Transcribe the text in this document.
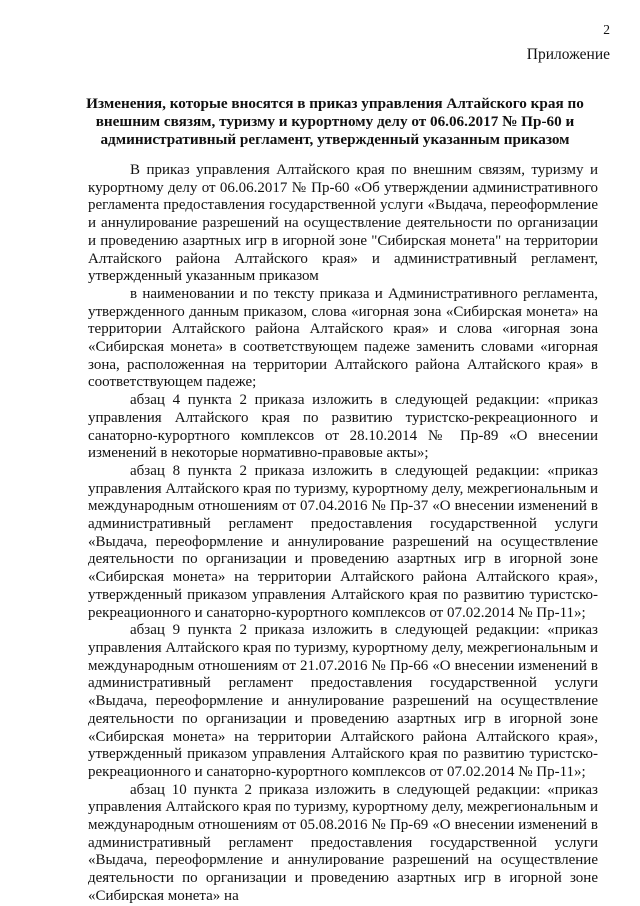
2
Приложение
Изменения, которые вносятся в приказ управления Алтайского края по
внешним связям, туризму и курортному делу от 06.06.2017 № Пр-60 и
административный регламент, утвержденный указанным приказом

В приказ управления Алтайского края по внешним связям, туризму и курортному делу от 06.06.2017 № Пр-60 «Об утверждении административного регламента предоставления государственной услуги «Выдача, переоформление и аннулирование разрешений на осуществление деятельности по организации и проведению азартных игр в игорной зоне "Сибирская монета" на территории Алтайского района Алтайского края» и административный регламент, утвержденный указанным приказом

в наименовании и по тексту приказа и Административного регламента, утвержденного данным приказом, слова «игорная зона «Сибирская монета» на территории Алтайского района Алтайского края» и слова «игорная зона «Сибирская монета» в соответствующем падеже заменить словами «игорная зона, расположенная на территории Алтайского района Алтайского края» в соответствующем падеже;

абзац 4 пункта 2 приказа изложить в следующей редакции: «приказ управления Алтайского края по развитию туристско-рекреационного и санаторно-курортного комплексов от 28.10.2014 № Пр-89 «О внесении изменений в некоторые нормативно-правовые акты»;

абзац 8 пункта 2 приказа изложить в следующей редакции: «приказ управления Алтайского края по туризму, курортному делу, межрегиональным и международным отношениям от 07.04.2016 № Пр-37 «О внесении изменений в административный регламент предоставления государственной услуги «Выдача, переоформление и аннулирование разрешений на осуществление деятельности по организации и проведению азартных игр в игорной зоне «Сибирская монета» на территории Алтайского района Алтайского края», утвержденный приказом управления Алтайского края по развитию туристско-рекреационного и санаторно-курортного комплексов от 07.02.2014 № Пр-11»;

абзац 9 пункта 2 приказа изложить в следующей редакции: «приказ управления Алтайского края по туризму, курортному делу, межрегиональным и международным отношениям от 21.07.2016 № Пр-66 «О внесении изменений в административный регламент предоставления государственной услуги «Выдача, переоформление и аннулирование разрешений на осуществление деятельности по организации и проведению азартных игр в игорной зоне «Сибирская монета» на территории Алтайского района Алтайского края», утвержденный приказом управления Алтайского края по развитию туристско-рекреационного и санаторно-курортного комплексов от 07.02.2014 № Пр-11»;

абзац 10 пункта 2 приказа изложить в следующей редакции: «приказ управления Алтайского края по туризму, курортному делу, межрегиональным и международным отношениям от 05.08.2016 № Пр-69 «О внесении изменений в административный регламент предоставления государственной услуги «Выдача, переоформление и аннулирование разрешений на осуществление деятельности по организации и проведению азартных игр в игорной зоне «Сибирская монета» на
